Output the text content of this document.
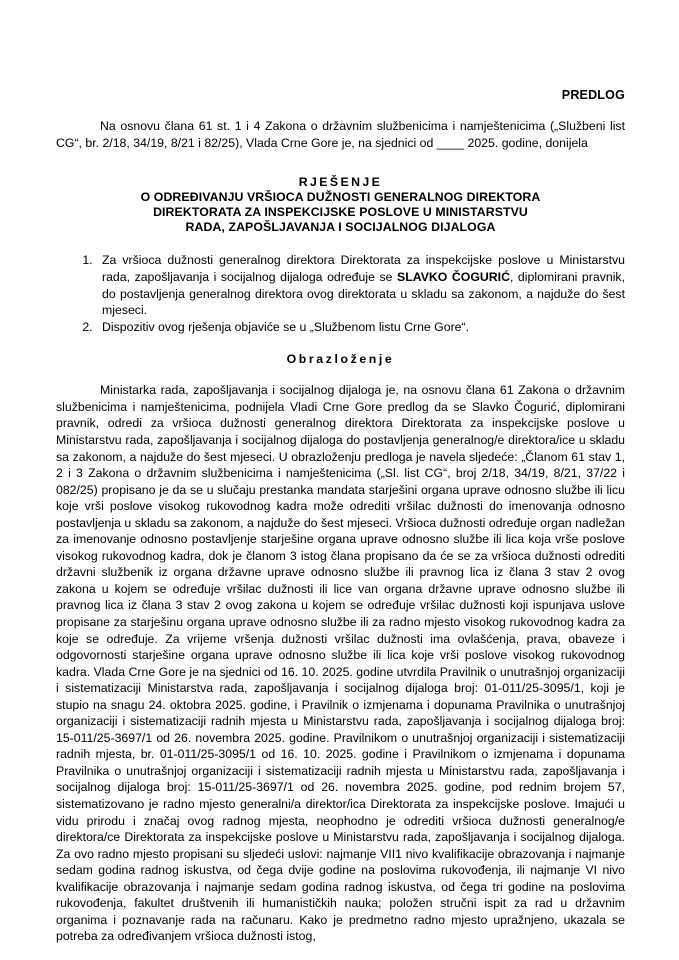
PREDLOG

Na osnovu člana 61 st. 1 i 4 Zakona o državnim službenicima i namještenicima („Službeni list CG“, br. 2/18, 34/19, 8/21 i 82/25), Vlada Crne Gore je, na sjednici od ____ 2025. godine, donijela

RJEŠENJE
O ODREĐIVANJU VRŠIOCA DUŽNOSTI GENERALNOG DIREKTORA
DIREKTORATA ZA INSPEKCIJSKE POSLOVE U MINISTARSTVU
RADA, ZAPOŠLJAVANJA I SOCIJALNOG DIJALOGA
1. Za vršioca dužnosti generalnog direktora Direktorata za inspekcijske poslove u Ministarstvu rada, zapošljavanja i socijalnog dijaloga određuje se SLAVKO ČOGURIĆ, diplomirani pravnik, do postavljenja generalnog direktora ovog direktorata u skladu sa zakonom, a najduže do šest mjeseci.
2. Dispozitiv ovog rješenja objaviće se u „Službenom listu Crne Gore“.
Obrazloženje

Ministarka rada, zapošljavanja i socijalnog dijaloga je, na osnovu člana 61 Zakona o državnim službenicima i namještenicima, podnijela Vladi Crne Gore predlog da se Slavko Čogurić, diplomirani pravnik, odredi za vršioca dužnosti generalnog direktora Direktorata za inspekcijske poslove u Ministarstvu rada, zapošljavanja i socijalnog dijaloga do postavljenja generalnog/e direktora/ice u skladu sa zakonom, a najduže do šest mjeseci. U obrazloženju predloga je navela sljedeće: „Članom 61 stav 1, 2 i 3 Zakona o državnim službenicima i namještenicima („Sl. list CG“, broj 2/18, 34/19, 8/21, 37/22 i 082/25) propisano je da se u slučaju prestanka mandata starješini organa uprave odnosno službe ili licu koje vrši poslove visokog rukovodnog kadra može odrediti vršilac dužnosti do imenovanja odnosno postavljenja u skladu sa zakonom, a najduže do šest mjeseci. Vršioca dužnosti određuje organ nadležan za imenovanje odnosno postavljenje starješine organa uprave odnosno službe ili lica koja vrše poslove visokog rukovodnog kadra, dok je članom 3 istog člana propisano da će se za vršioca dužnosti odrediti državni službenik iz organa državne uprave odnosno službe ili pravnog lica iz člana 3 stav 2 ovog zakona u kojem se određuje vršilac dužnosti ili lice van organa državne uprave odnosno službe ili pravnog lica iz člana 3 stav 2 ovog zakona u kojem se određuje vršilac dužnosti koji ispunjava uslove propisane za starješinu organa uprave odnosno službe ili za radno mjesto visokog rukovodnog kadra za koje se određuje. Za vrijeme vršenja dužnosti vršilac dužnosti ima ovlašćenja, prava, obaveze i odgovornosti starješine organa uprave odnosno službe ili lica koje vrši poslove visokog rukovodnog kadra. Vlada Crne Gore je na sjednici od 16. 10. 2025. godine utvrdila Pravilnik o unutrašnjoj organizaciji i sistematizaciji Ministarstva rada, zapošljavanja i socijalnog dijaloga broj: 01-011/25-3095/1, koji je stupio na snagu 24. oktobra 2025. godine, i Pravilnik o izmjenama i dopunama Pravilnika o unutrašnjoj organizaciji i sistematizaciji radnih mjesta u Ministarstvu rada, zapošljavanja i socijalnog dijaloga broj: 15-011/25-3697/1 od 26. novembra 2025. godine. Pravilnikom o unutrašnjoj organizaciji i sistematizaciji radnih mjesta, br. 01-011/25-3095/1 od 16. 10. 2025. godine i Pravilnikom o izmjenama i dopunama Pravilnika o unutrašnjoj organizaciji i sistematizaciji radnih mjesta u Ministarstvu rada, zapošljavanja i socijalnog dijaloga broj: 15-011/25-3697/1 od 26. novembra 2025. godine, pod rednim brojem 57, sistematizovano je radno mjesto generalni/a direktor/ica Direktorata za inspekcijske poslove. Imajući u vidu prirodu i značaj ovog radnog mjesta, neophodno je odrediti vršioca dužnosti generalnog/e direktora/ce Direktorata za inspekcijske poslove u Ministarstvu rada, zapošljavanja i socijalnog dijaloga. Za ovo radno mjesto propisani su sljedeći uslovi: najmanje VII1 nivo kvalifikacije obrazovanja i najmanje sedam godina radnog iskustva, od čega dvije godine na poslovima rukovođenja, ili najmanje VI nivo kvalifikacije obrazovanja i najmanje sedam godina radnog iskustva, od čega tri godine na poslovima rukovođenja, fakultet društvenih ili humanističkih nauka; položen stručni ispit za rad u državnim organima i poznavanje rada na računaru. Kako je predmetno radno mjesto upražnjeno, ukazala se potreba za određivanjem vršioca dužnosti istog,
